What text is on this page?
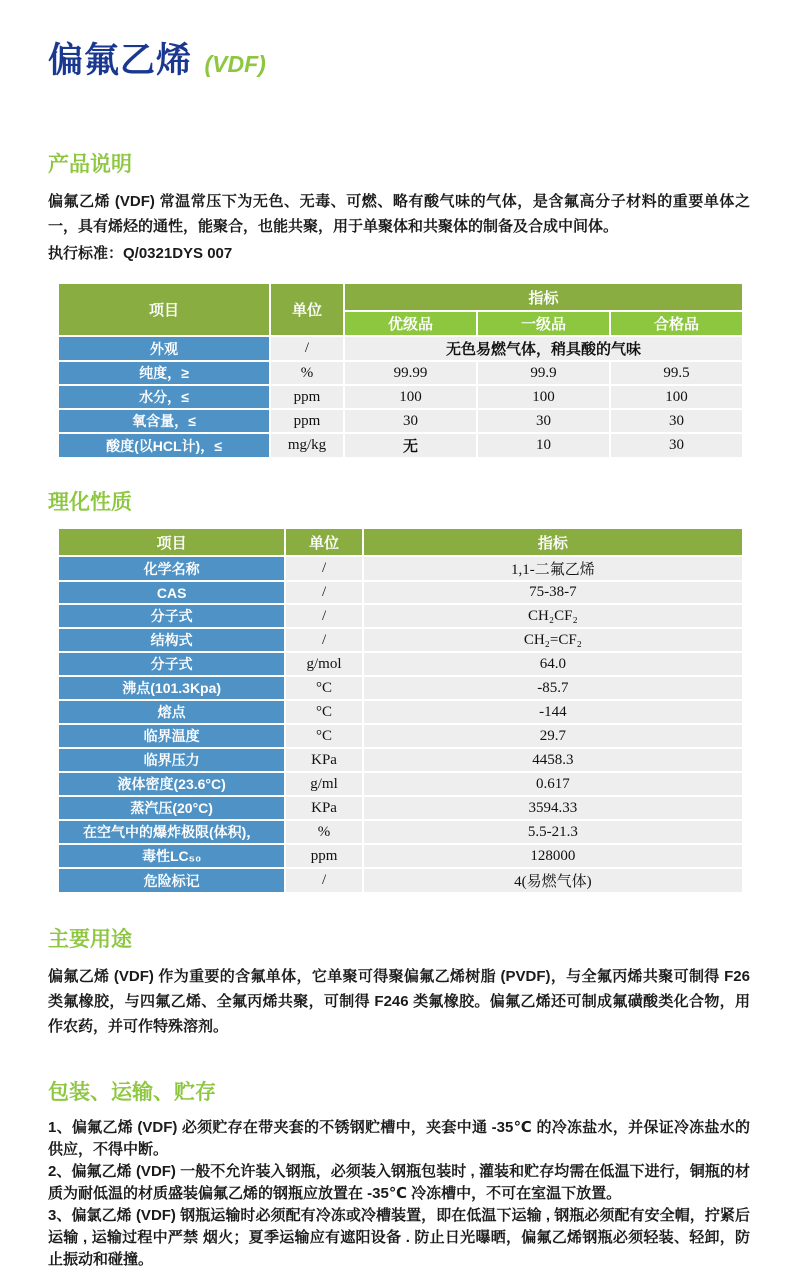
偏氟乙烯 (VDF)
产品说明

偏氟乙烯 (VDF) 常温常压下为无色、无毒、可燃、略有酸气味的气体，是含氟高分子材料的重要单体之一，具有烯烃的通性，能聚合，也能共聚，用于单聚体和共聚体的制备及合成中间体。

执行标准：Q/0321DYS 007

项目	单位	指标		
		优级品	一级品	合格品
外观	/	无色易燃气体，稍具酸的气味		
纯度，≥	%	99.99	99.9	99.5
水分，≤	ppm	100	100	100
氧含量，≤	ppm	30	30	30
酸度(以HCL计)，≤	mg/kg	无	10	30
理化性质
项目	单位	指标
化学名称	/	1,1-二氟乙烯
CAS	/	75-38-7
分子式	/	CH₂CF₂
结构式	/	CH₂=CF₂
分子式	g/mol	64.0
沸点(101.3Kpa)	°C	-85.7
熔点	°C	-144
临界温度	°C	29.7
临界压力	KPa	4458.3
液体密度(23.6°C)	g/ml	0.617
蒸汽压(20°C)	KPa	3594.33
在空气中的爆炸极限(体积)，	%	5.5-21.3
毒性LC₅₀	ppm	128000
危险标记	/	4(易燃气体)
主要用途

偏氟乙烯 (VDF) 作为重要的含氟单体，它单聚可得聚偏氟乙烯树脂 (PVDF)，与全氟丙烯共聚可制得 F26 类氟橡胶，与四氟乙烯、全氟丙烯共聚，可制得 F246 类氟橡胶。偏氟乙烯还可制成氟磺酸类化合物，用作农药，并可作特殊溶剂。

包装、运输、贮存

1、偏氟乙烯 (VDF) 必须贮存在带夹套的不锈钢贮槽中，夹套中通 -35℃ 的冷冻盐水，并保证冷冻盐水的供应，不得中断。

2、偏氟乙烯 (VDF) 一般不允许装入钢瓶，必须装入钢瓶包装时 , 灌装和贮存均需在低温下进行，铜瓶的材质为耐低温的材质盛装偏氟乙烯的钢瓶应放置在 -35℃ 冷冻槽中，不可在室温下放置。

3、偏氯乙烯 (VDF) 钢瓶运输时必须配有冷冻或冷槽装置，即在低温下运输 , 钢瓶必须配有安全帽，拧紧后运输 , 运输过程中严禁 烟火；夏季运输应有遮阳设备 . 防止日光曝晒，偏氟乙烯钢瓶必须轻装、轻卸，防止振动和碰撞。
